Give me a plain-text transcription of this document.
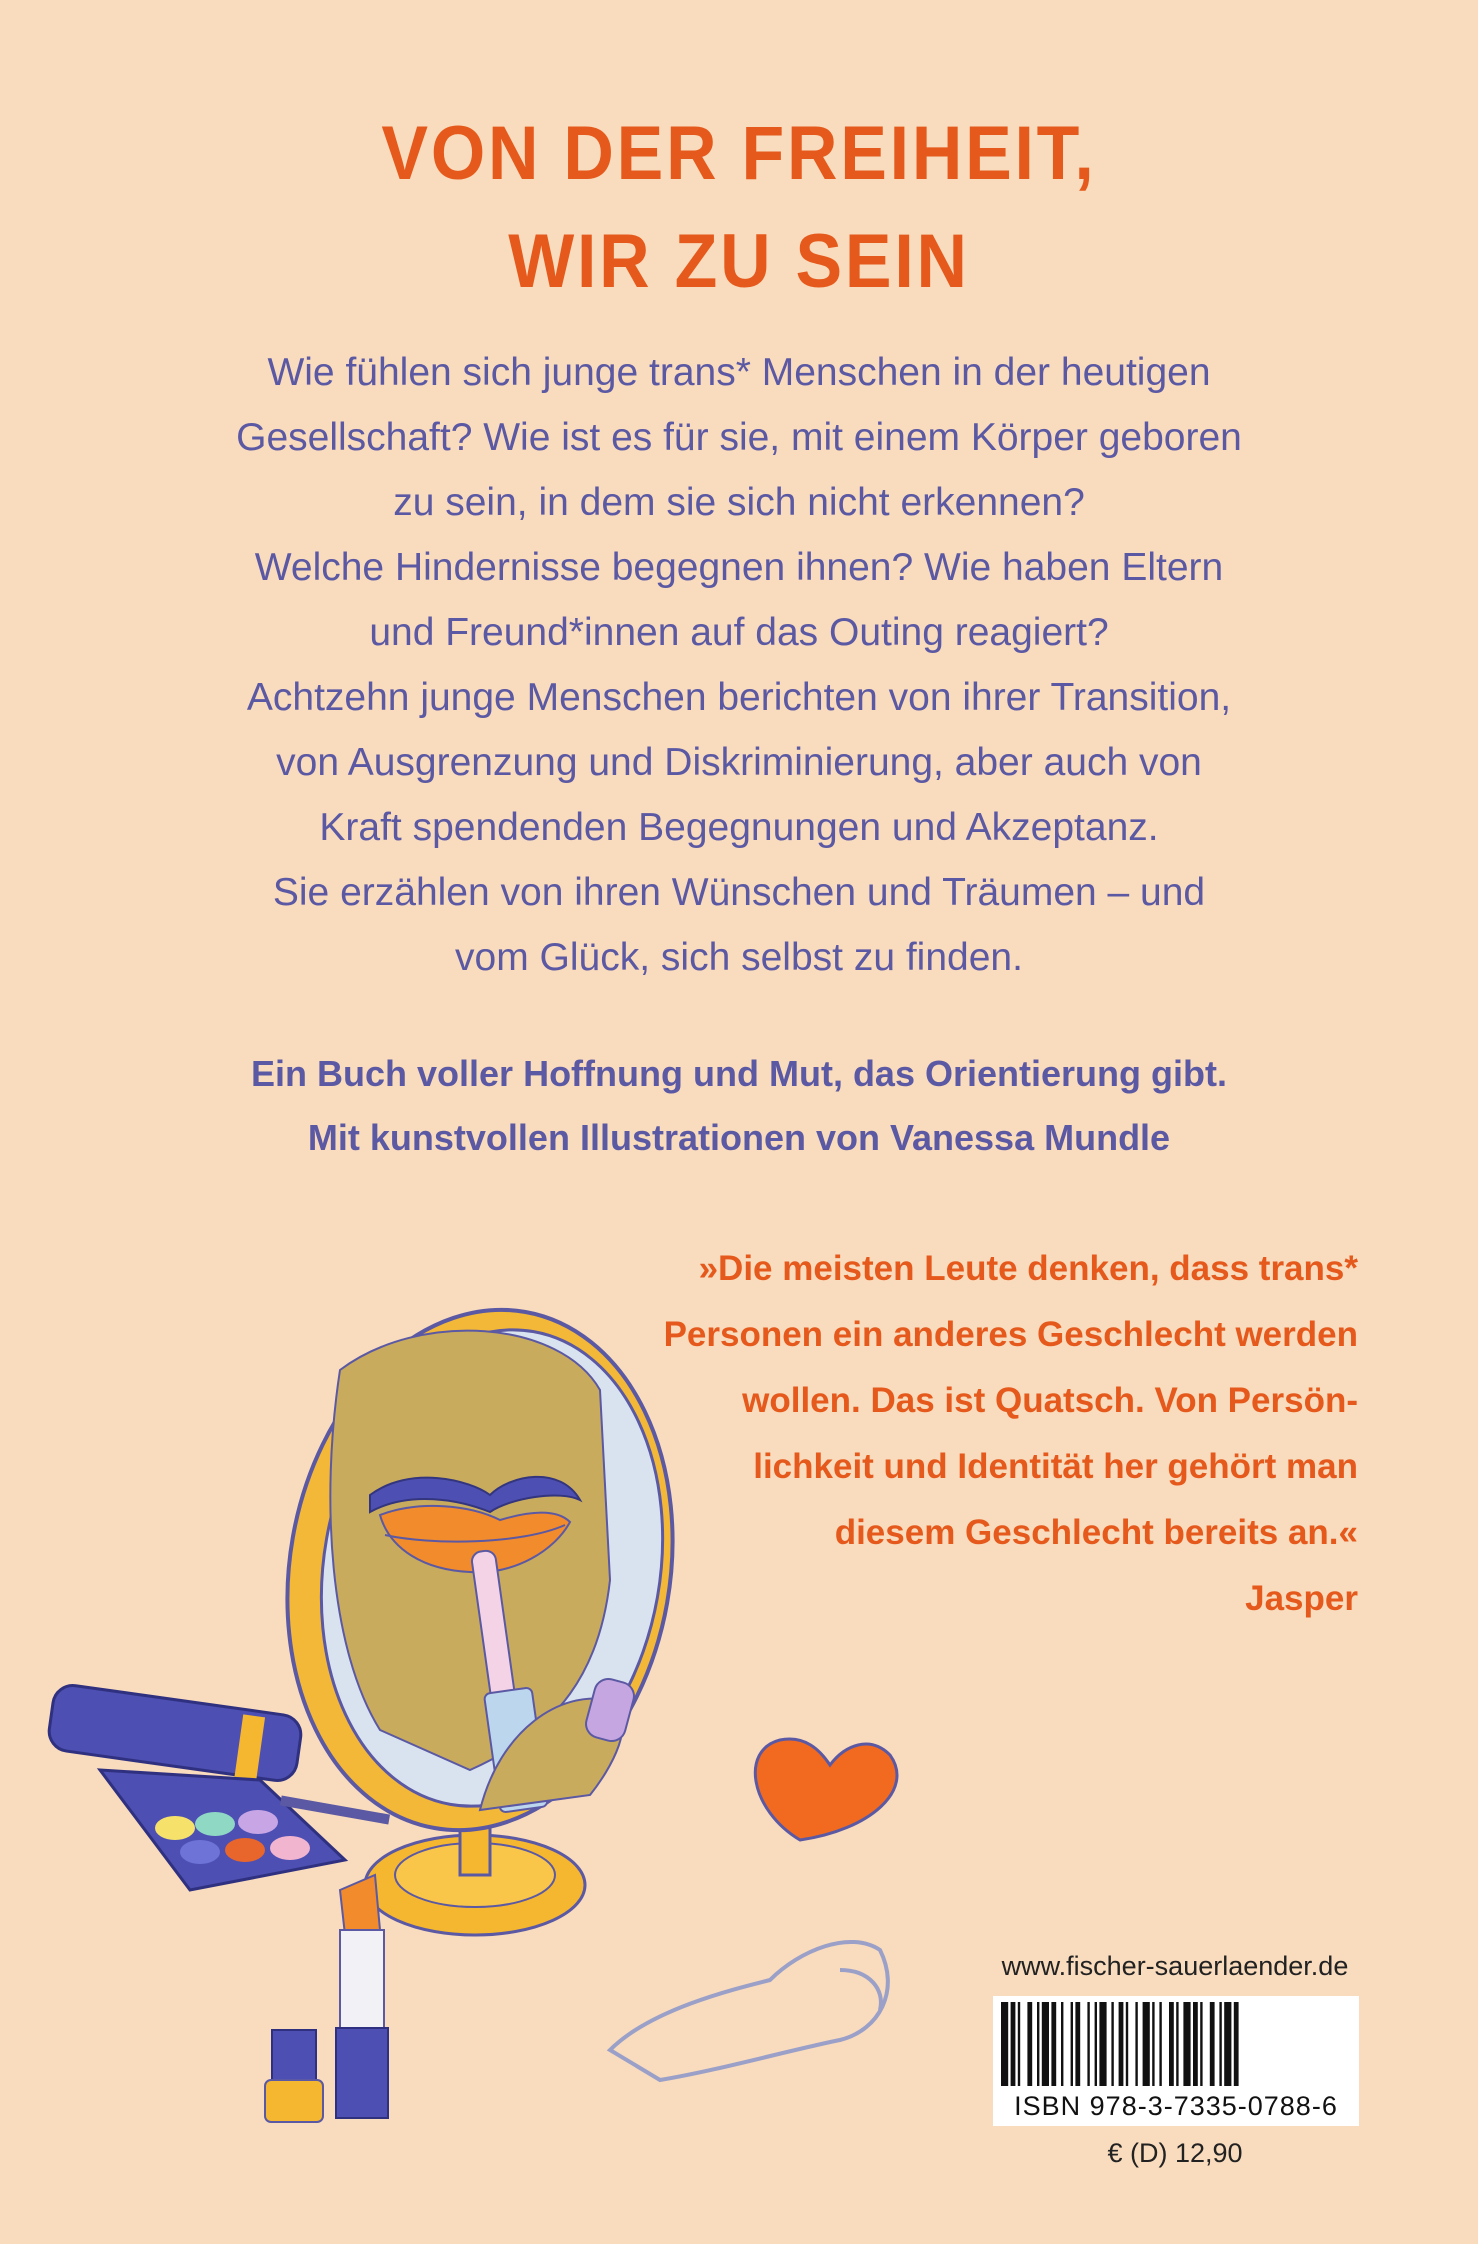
VON DER FREIHEIT,
WIR ZU SEIN
Wie fühlen sich junge trans* Menschen in der heutigen
Gesellschaft? Wie ist es für sie, mit einem Körper geboren
zu sein, in dem sie sich nicht erkennen?
Welche Hindernisse begegnen ihnen? Wie haben Eltern
und Freund*innen auf das Outing reagiert?
Achtzehn junge Menschen berichten von ihrer Transition,
von Ausgrenzung und Diskriminierung, aber auch von
Kraft spendenden Begegnungen und Akzeptanz.
Sie erzählen von ihren Wünschen und Träumen – und
vom Glück, sich selbst zu finden.
Ein Buch voller Hoffnung und Mut, das Orientierung gibt.
Mit kunstvollen Illustrationen von Vanessa Mundle
»Die meisten Leute denken, dass trans*
Personen ein anderes Geschlecht werden
wollen. Das ist Quatsch. Von Persön-
lichkeit und Identität her gehört man
diesem Geschlecht bereits an.«
Jasper
www.fischer-sauerlaender.de
ISBN 978-3-7335-0788-6
€ (D) 12,90
